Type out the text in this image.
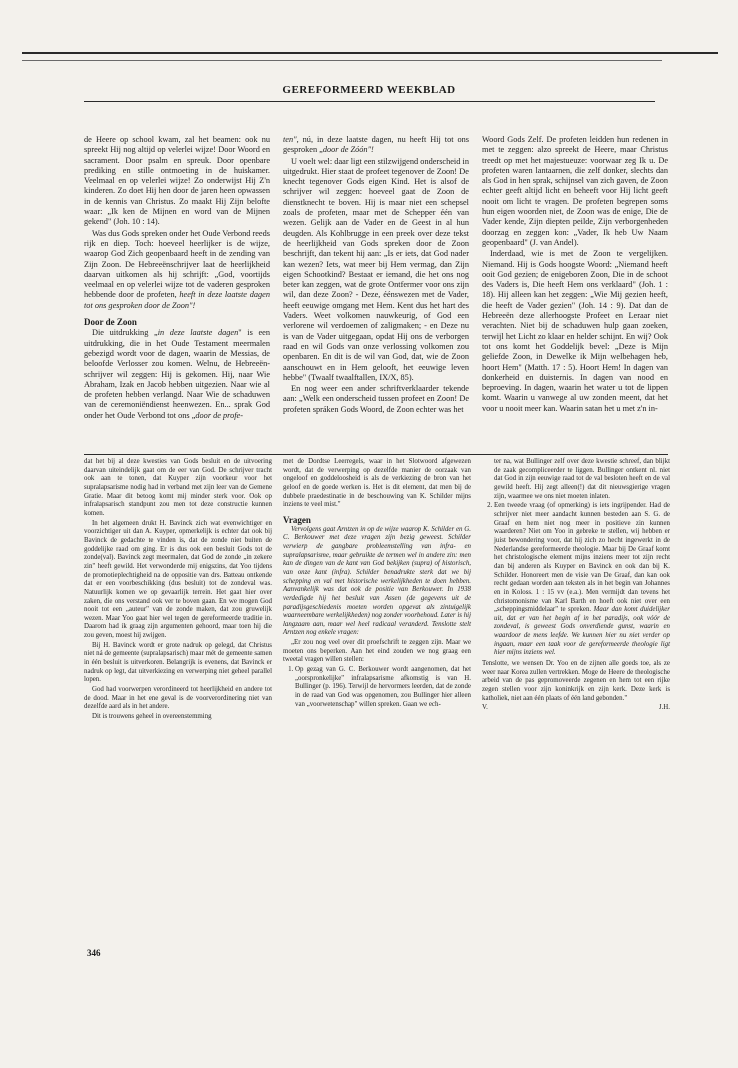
GEREFORMEERD WEEKBLAD

de Heere op school kwam, zal het beamen: ook nu spreekt Hij nog altijd op velerlei wijze! Door Woord en sacrament. Door psalm en spreuk. Door openbare prediking en stille ontmoeting in de huiskamer. Veelmaal en op velerlei wijze! Zo onderwijst Hij Z'n kinderen. Zo doet Hij hen door de jaren heen opwassen in de kennis van Christus. Zo maakt Hij Zijn belofte waar: „Ik ken de Mijnen en word van de Mijnen gekend" (Joh. 10 : 14).

Was dus Gods spreken onder het Oude Verbond reeds rijk en diep. Toch: hoeveel heerlijker is de wijze, waarop God Zich geopenbaard heeft in de zending van Zijn Zoon. De Hebreeënschrijver laat de heerlijkheid daarvan uitkomen als hij schrijft: „God, voortijds veelmaal en op velerlei wijze tot de vaderen gesproken hebbende door de profeten, heeft in deze laatste dagen tot ons gesproken door de Zoon"!

Door de Zoon

Die uitdrukking „in deze laatste dagen" is een uitdrukking, die in het Oude Testament meermalen gebezigd wordt voor de dagen, waarin de Messias, de beloofde Verlosser zou komen. Welnu, de Hebreeën-schrijver wil zeggen: Hij is gekomen. Hij, naar Wie Abraham, Izak en Jacob hebben uitgezien. Naar wie al de profeten hebben verlangd. Naar Wie de schaduwen van de ceremoniëndienst heenwezen. En... sprak God onder het Oude Verbond tot ons „door de profe-

ten", nú, in deze laatste dagen, nu heeft Hij tot ons gesproken „door de Zóón"!

U voelt wel: daar ligt een stilzwijgend onderscheid in uitgedrukt. Hier staat de profeet tegenover de Zoon! De knecht tegenover Gods eigen Kind. Het is alsof de schrijver wil zeggen: hoeveel gaat de Zoon de dienstknecht te boven. Hij is maar niet een schepsel zoals de profeten, maar met de Schepper één van wezen. Gelijk aan de Vader en de Geest in al hun deugden. Als Kohlbrugge in een preek over deze tekst de heerlijkheid van Gods spreken door de Zoon beschrijft, dan tekent hij aan: „Is er iets, dat God nader kan wezen? Iets, wat meer bij Hem vermag, dan Zijn eigen Schootkind? Bestaat er iemand, die het ons nog beter kan zeggen, wat de grote Ontfermer voor ons zijn wil, dan deze Zoon? - Deze, éénswezen met de Vader, heeft eeuwige omgang met Hem. Kent dus het hart des Vaders. Weet volkomen nauwkeurig, of God een verlorene wil verdoemen of zaligmaken; - en Deze nu is van de Vader uitgegaan, opdat Hij ons de verborgen raad en wil Gods van onze verlossing volkomen zou openbaren. En dit is de wil van God, dat, wie de Zoon aanschouwt en in Hem gelooft, het eeuwige leven hebbe" (Twaalf twaalftallen, IX/X, 85).

En nog weer een ander schriftverklaarder tekende aan: „Welk een onderscheid tussen profeet en Zoon! De profeten spráken Gods Woord, de Zoon echter was het

Woord Gods Zelf. De profeten leidden hun redenen in met te zeggen: alzo spreekt de Heere, maar Christus treedt op met het majestueuze: voorwaar zeg Ik u. De profeten waren lantaarnen, die zelf donker, slechts dan als God in hen sprak, schijnsel van zich gaven, de Zoon echter geeft altijd licht en beheeft voor Hij licht geeft nooit om licht te vragen. De profeten begrepen soms hun eigen woorden niet, de Zoon was de enige, Die de Vader kende, Zijn diepten peilde, Zijn verborgenheden doorzag en zeggen kon: „Vader, Ik heb Uw Naam geopenbaard" (J. van Andel).

Inderdaad, wie is met de Zoon te vergelijken. Niemand. Hij is Gods hoogste Woord: „Niemand heeft ooit God gezien; de enigeboren Zoon, Die in de schoot des Vaders is, Die heeft Hem ons verklaard" (Joh. 1 : 18). Hij alleen kan het zeggen: „Wie Mij gezien heeft, die heeft de Vader gezien" (Joh. 14 : 9). Dat dan de Hebreeën deze allerhoogste Profeet en Leraar niet verachten. Niet bij de schaduwen hulp gaan zoeken, terwijl het Licht zo klaar en helder schijnt. En wij? Ook tot ons komt het Goddelijk bevel: „Deze is Mijn geliefde Zoon, in Dewelke ik Mijn welbehagen heb, hoort Hem" (Matth. 17 : 5). Hoort Hem! In dagen van donkerheid en duisternis. In dagen van nood en beproeving. In dagen, waarin het water u tot de lippen komt. Waarin u vanwege al uw zonden meent, dat het voor u nooit meer kan. Waarin satan het u met z'n in-

dat het bij al deze kwesties van Gods besluit en de uitvoering daarvan uiteindelijk gaat om de eer van God. De schrijver tracht ook aan te tonen, dat Kuyper zijn voorkeur voor het supralapsarisme nodig had in verband met zijn leer van de Gemene Gratie. Maar dit betoog komt mij minder sterk voor. Ook op infralapsarisch standpunt zou men tot deze constructie kunnen komen.

In het algemeen drukt H. Bavinck zich wat evenwichtiger en voorzichtiger uit dan A. Kuyper, opmerkelijk is echter dat ook bij Bavinck de gedachte te vinden is, dat de zonde niet buiten de goddelijke raad om ging. Er is dus ook een besluit Gods tot de zonde(val). Bavinck zegt meermalen, dat God de zonde „in zekere zin" heeft gewild. Het verwonderde mij enigszins, dat Yoo tijdens de promotieplechtigheid na de oppositie van drs. Batteau ontkende dat er een voorbeschikking (dus besluit) tot de zondeval was. Natuurlijk komen we op gevaarlijk terrein. Het gaat hier over zaken, die ons verstand ook ver te boven gaan. En we mogen God nooit tot een „auteur" van de zonde maken, dat zou gruwelijk wezen. Maar Yoo gaat hier wel tegen de gereformeerde traditie in. Daarom had ik graag zijn argumenten gehoord, maar toen hij die zou geven, moest hij zwijgen.

Bij H. Bavinck wordt er grote nadruk op gelegd, dat Christus niet ná de gemeente (supralapsarisch) maar mét de gemeente samen in één besluit is uitverkoren. Belangrijk is evenens, dat Bavinck er nadruk op legt, dat uitverkiezing en verwerping niet geheel parallel lopen.

God had voorwerpen verordineerd tot heerlijkheid en andere tot de dood. Maar in het ene geval is de voorverordinering niet van dezelfde aard als in het andere.

Dit is trouwens geheel in overeenstemming

met de Dordtse Leerregels, waar in het Slotwoord afgewezen wordt, dat de verwerping op dezelfde manier de oorzaak van ongeloof en goddeloosheid is als de verkiezing de bron van het geloof en de goede werken is. Het is dit element, dat men bij de dubbele praedestinatie in de beschouwing van K. Schilder mijns inziens te veel mist."

Vragen

Vervolgens gaat Arntzen in op de wijze waarop K. Schilder en G. C. Berkouwer met deze vragen zijn bezig geweest. Schilder verwierp de gangbare probleemstelling van infra- en supralapsarisme, maar gebruikte de termen wel in andere zin: men kan de dingen van de kant van God bekijken (supra) of historisch, van onze kant (infra). Schilder benadrukte sterk dat we bij schepping en val met historische werkelijkheden te doen hebben. Aanvankelijk was dat ook de positie van Berkouwer. In 1938 verdedigde hij het besluit van Assen (de gegevens uit de paradijsgeschiedenis moeten worden opgevat als zintuigelijk waarneembare werkelijkheden) nog zonder voorbehoud. Later is hij langzaam aan, maar wel heel radicaal veranderd. Tenslotte stelt Arntzen nog enkele vragen:

„Er zou nog veel over dit proefschrift te zeggen zijn. Maar we moeten ons beperken. Aan het eind zouden we nog graag een tweetal vragen willen stellen:

1. Op gezag van G. C. Berkouwer wordt aangenomen, dat het „oorspronkelijke" infralapsarisme afkomstig is van H. Bullinger (p. 196). Terwijl de hervormers leerden, dat de zonde in de raad van God was opgenomen, zou Bullinger hier alleen van „voorwetenschap" willen spreken. Gaan we ech-

ter na, wat Bullinger zelf over deze kwestie schreef, dan blijkt de zaak gecompliceerder te liggen. Bullinger ontkent nl. niet dat God in zijn eeuwige raad tot de val besloten heeft en de val gewild heeft. Hij zegt alleen(!) dat dit nieuwsgierige vragen zijn, waarmee we ons niet moeten inlaten.

2. Een tweede vraag (of opmerking) is iets ingrijpender. Had de schrijver niet meer aandacht kunnen besteden aan S. G. de Graaf en hem niet nog meer in positieve zin kunnen waarderen? Niet om Yoo in gebreke te stellen, wij hebben er juist bewondering voor, dat hij zich zo hecht ingewerkt in de Nederlandse gereformeerde theologie. Maar bij De Graaf komt het christologische element mijns inziens meer tot zijn recht dan bij anderen als Kuyper en Bavinck en ook dan bij K. Schilder. Honoreert men de visie van De Graaf, dan kan ook recht gedaan worden aan teksten als in het begin van Johannes en in Koloss. 1 : 15 vv (e.a.). Men vermijdt dan tevens het christomonisme van Karl Barth en hoeft ook niet over een „scheppingsmiddelaar" te spreken. Maar dan komt duidelijker uit, dat er van het begin af in het paradijs, ook vóór de zondeval, is geweest Gods onverdiende gunst, waarin en waardoor de mens leefde. We kunnen hier nu niet verder op ingaan, maar een taak voor de gereformeerde theologie ligt hier mijns inziens wel.

Tenslotte, we wensen Dr. Yoo en de zijnen alle goeds toe, als ze weer naar Korea zullen vertrekken. Moge de Heere de theologische arbeid van de pas gepromoveerde zegenen en hem tot een rijke zegen stellen voor zijn koninkrijk en zijn kerk. Deze kerk is katholiek, niet aan één plaats of één land gebonden."

V.	J.H.
346
